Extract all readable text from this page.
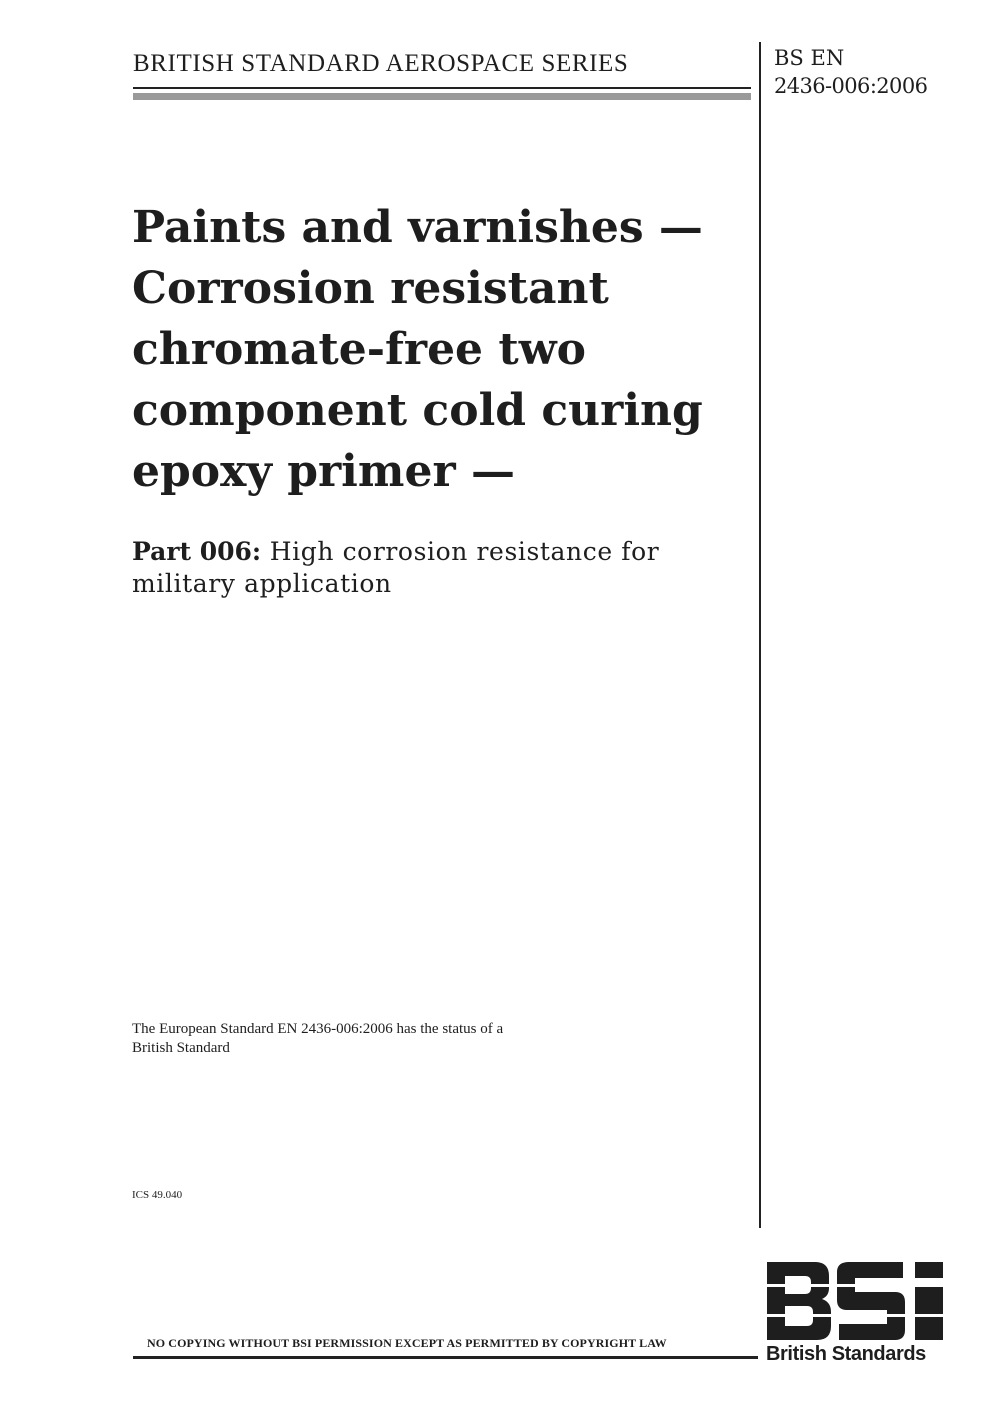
BRITISH STANDARD AEROSPACE SERIES	BS EN
2436-006:2006
Paints and varnishes —
Corrosion resistant
chromate-free two
component cold curing
epoxy primer —
Part 006: High corrosion resistance for
military application
The European Standard EN 2436-006:2006 has the status of a
British Standard
ICS 49.040
NO COPYING WITHOUT BSI PERMISSION EXCEPT AS PERMITTED BY COPYRIGHT LAW	British Standards
